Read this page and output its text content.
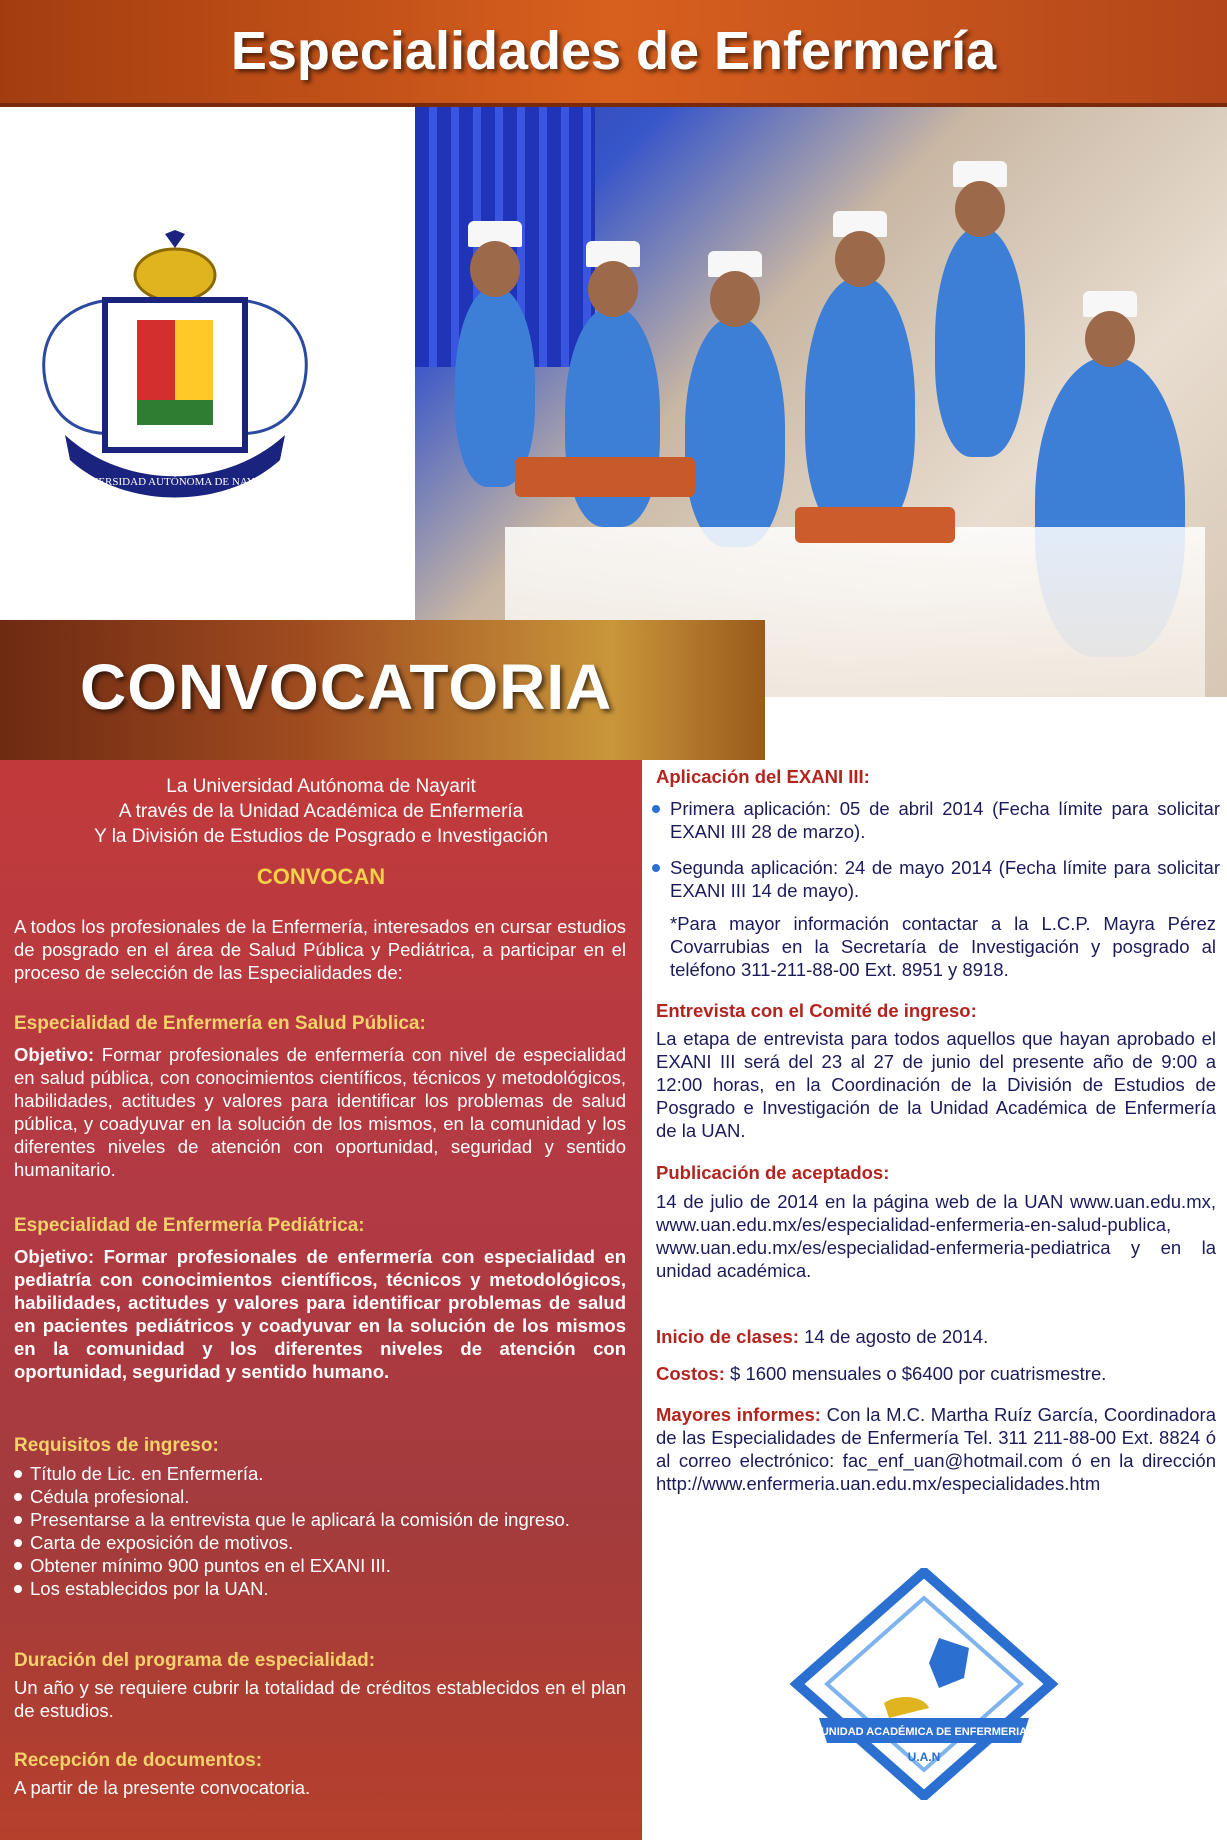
Especialidades de Enfermería
UNIVERSIDAD AUTÓNOMA DE NAYARIT
CONVOCATORIA
La Universidad Autónoma de Nayarit
A través de la Unidad Académica de Enfermería
Y la División de Estudios de Posgrado e Investigación
CONVOCAN
A todos los profesionales de la Enfermería, interesados en cursar estudios de posgrado en el área de Salud Pública y Pediátrica, a participar en el proceso de selección de las Especialidades de:
Especialidad de Enfermería en Salud Pública:
Objetivo: Formar profesionales de enfermería con nivel de especialidad en salud pública, con conocimientos científicos, técnicos y metodológicos, habilidades, actitudes y valores para identificar los problemas de salud pública, y coadyuvar en la solución de los mismos, en la comunidad y los diferentes niveles de atención con oportunidad, seguridad y sentido humanitario.
Especialidad de Enfermería Pediátrica:
Objetivo: Formar profesionales de enfermería con especialidad en pediatría con conocimientos científicos, técnicos y metodológicos, habilidades, actitudes y valores para identificar problemas de salud en pacientes pediátricos y coadyuvar en la solución de los mismos en la comunidad y los diferentes niveles de atención con oportunidad, seguridad y sentido humano.
Requisitos de ingreso:
Título de Lic. en Enfermería.
Cédula profesional.
Presentarse a la entrevista que le aplicará la comisión de ingreso.
Carta de exposición de motivos.
Obtener mínimo 900 puntos en el EXANI III.
Los establecidos por la UAN.
Duración del programa de especialidad:
Un año y se requiere cubrir la totalidad de créditos establecidos en el plan de estudios.
Recepción de documentos:
A partir de la presente convocatoria.
Aplicación del EXANI III:
Primera aplicación: 05 de abril 2014 (Fecha límite para solicitar EXANI III 28 de marzo).
Segunda aplicación: 24 de mayo 2014 (Fecha límite para solicitar EXANI III 14 de mayo).
*Para mayor información contactar a la L.C.P. Mayra Pérez Covarrubias en la Secretaría de Investigación y posgrado al teléfono 311-211-88-00 Ext. 8951 y 8918.
Entrevista con el Comité de ingreso:
La etapa de entrevista para todos aquellos que hayan aprobado el EXANI III será del 23 al 27 de junio del presente año de 9:00 a 12:00 horas, en la Coordinación de la División de Estudios de Posgrado e Investigación de la Unidad Académica de Enfermería de la UAN.
Publicación de aceptados:
14 de julio de 2014 en la página web de la UAN www.uan.edu.mx, www.uan.edu.mx/es/especialidad-enfermeria-en-salud-publica, www.uan.edu.mx/es/especialidad-enfermeria-pediatrica y en la unidad académica.
Inicio de clases: 14 de agosto de 2014.
Costos: $ 1600 mensuales o $6400 por cuatrismestre.
Mayores informes: Con la M.C. Martha Ruíz García, Coordinadora de las Especialidades de Enfermería Tel. 311 211-88-00 Ext. 8824 ó al correo electrónico: fac_enf_uan@hotmail.com ó en la dirección http://www.enfermeria.uan.edu.mx/especialidades.htm
UNIDAD ACADÉMICA DE ENFERMERIA
U.A.N
